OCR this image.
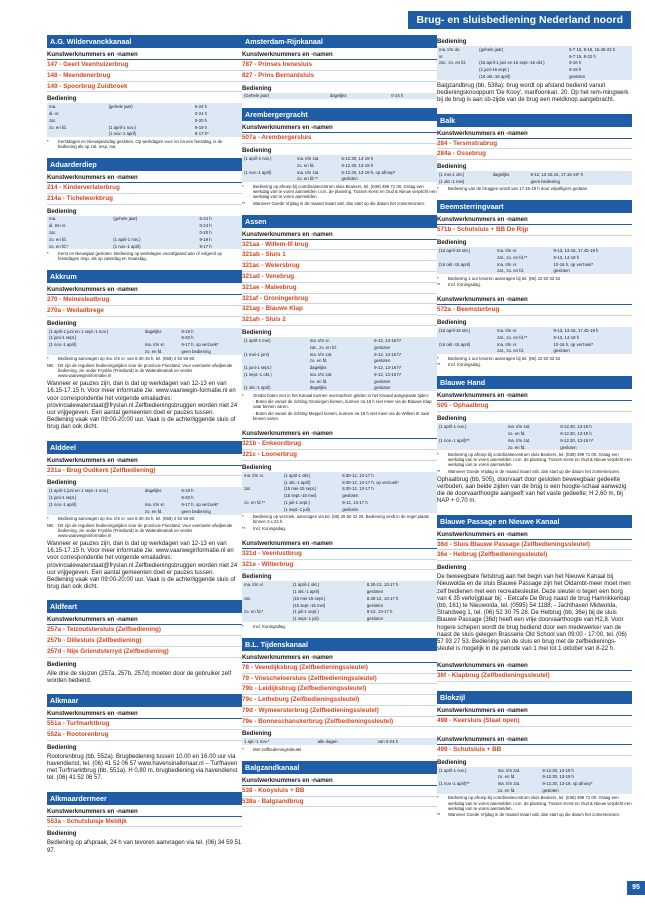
Brug- en sluisbediening Nederland noord
A.G. Wildervanckkanaal
Kunstwerknummers en -namen
147 - Geert Veenhuizerbrug
148 - Meendenerbrug
149 - Spoorbrug Zuidbroek
Bediening
ma.	(gehele jaar)	6-24 h
di.-vr.		0-24 h
zat.		0-20 h
zo. en fd.	(1 april-1 nov.)	9-19 h
	(1 nov.-1 april)	9-17 h*
*	Kerstdagen en Nieuwjaarsdag gesloten. Op werkdagen voor en na een feestdag, is de bediening als op zat. resp. ma.
Aduarderdiep
Kunstwerknummers en -namen
214 - Kinderverlaterbrug
214a - Tichelwerkbrug
Bediening
ma.	(gehele jaar)	6-24 h
di. t/m vr.		0-24 h
zat.		0-20 h
zo. en fd.	(1 april-1 nov.)	9-19 h
zo. en fd.*	(1 nov.-1 april)	9-17 h
*	Kerst en Nieuwjaar gesloten. Bediening op werkdagen voorafgaand aan of volgend op feestdagen resp. als op zaterdag en maandag.
Akkrum
Kunstwerknummers en -namen
270 - Meinesleatbrug
270a - Weiladbrege
Bediening
(1 april-1 juni en 1 sept.-1 nov.)	dagelijks	9-19 h
(1 juni-1 sept.)		9-20 h
(1 nov.-1 april)	ma. t/m vr.	9-17 h, op verzoek*
	zo. en fd.	geen bediening
*	Bediening aanvragen op ma. t/m vr. van 8.30-15 h, tel. (058) 2 92 56 80.
NB	Dit zijn de reguliere bedieningstijden voor de provincie Friesland. Voor eventuele afwijkende bediening, zie onder Fryslân (Friesland) in de Wateralmanak en verder www.vaarwegininformatie.nl
Wanneer er pauzes zijn, dan is dat op werkdagen van 12-13 en van 16.15-17.15 h. Voor meer informatie zie: www.vaarwegin-formatie.nl en voor correspondentie het volgende emailadres: provincialewaterstaat@fryslan.nl Zelfbedieningsbruggen worden niet 24 uur vrijgegeven. Een aantal gemeenten doet er pauzes tussen. Bediening vaak van 09:00-20:00 uur. Vaak is de achterliggende sluis of brug dan ook dicht.
Alddeel
Kunstwerknummers en -namen
231a - Brug Oudkerk (Zelfbediening)
Bediening
(1 april-1 juni en 1 sept.-1 nov.)	dagelijks	9-19 h
(1 juni-1 sept.)		9-20 h
(1 nov.-1 april)	ma. t/m vr.	9-17 h, op verzoek*
	zo. en fd.	geen bediening
*	Bediening aanvragen op ma. t/m vr. van 8.30-15 h, tel. (058) 2 92 56 80.
NB	Dit zijn de reguliere bedieningstijden voor de provincie Friesland. Voor eventuele afwijkende bediening, zie onder Fryslân (Friesland) in de Wateralmanak en verder www.vaarwegininformatie.nl
Wanneer er pauzes zijn, dan is dat op werkdagen van 12-13 en van 16.15-17.15 h. Voor meer informatie zie: www.vaarweginformatie.nl en voor correspondentie het volgende emailadres: provincialewaterstaat@fryslan.nl Zelfbedieningsbruggen worden niet 24 uur vrijgegeven. Een aantal gemeenten doet er pauzes tussen. Bediening vaak van 09:00-20:00 uur. Vaak is de achterliggende sluis of brug dan ook dicht.
Aldfeart
Kunstwerknummers en -namen
257a - Teizoutstersluis (Zelfbediening)
257b - Dillesluis (Zelfbediening)
257d - Nije Griendsterryd (Zelfbediening)
Bediening
Alle drie de sluizen (257a, 257b, 257d) moeten door de gebruiker zelf worden bediend.
Alkmaar
Kunstwerknummers en -namen
551a - Turfmarktbrug
552a - Rootorenbrug
Bediening
Rootorenbrug (bb, 552a). Brugbediening tussen 10.00 en 16.00 uur via havendienst, tel. (06) 41 52 06 57 www.havensinalkmaar.nl – Turfhaven met Turfmarktbrug (bb, 551a). H 0,80 m, brugbediening via havendienst tel. (06) 41 52 06 57.
Alkmaardermeer
Kunstwerknummers en -namen
553a - Schutsluisje Meldijk
Bediening
Bediening op afspraak, 24 h van tevoren aanvragen via tel. (06) 34 59 51 97.
Amsterdam-Rijnkanaal
Kunstwerknummers en -namen
787 - Prinses Irenesluis
827 - Prins Bernardsluis
Bediening
(Gehele jaar)	dagelijks	0-24 h
Arembergergracht
Kunstwerknummers en -namen
507a - Arembergersluis
Bediening
(1 april-1 nov.)	ma. t/m zat.	6-12.30, 13-19 h
	zo. en fd.	9-12.30, 13-19 h
(1 nov.-1 april)	ma. t/m zat.	6-12.30, 13-19 h, op afroep*
	zo. en fd.**	gesloten
*	Bediening op afroep bij coördinatiecentrum sluis Beukers, tel. (038) 499 71 00. Graag een werkdag van te voren aanmelden i.v.m. de planning. Tussen Kerst en Oud & Nieuw verplicht een werkdag van te voren aanmelden.
**	Wanneer Goede Vrijdag in de maand maart valt, dan start op die datum het zomerseizoen.
Assen
Kunstwerknummers en -namen
321aa - Willem-III brug
321ab - Sluis 1
321ac - Weiersbrug
321ad - Venebrug
321ae - Maleebrug
321af - Groningerbrug
321ag - Blauwe Klap
321ah - Sluis 2
Bediening
(1 april-1 mei)	ma. t/m vr.	9-12, 13-16 h*
	zat., zo. en fd.	gesloten
(1 mei-1 juni)	ma. t/m zat.	9-12, 13-16 h*
	zo. en fd.	gesloten
(1 juni-1 sept.)	dagelijks	9-12, 13-16 h*
(1 sept.-1 okt.)	ma. t/m zat.	9-12, 13-16 h*
	zo. en fd.	gesloten
(1 okt.-1 april)	dagelijks	gesloten
*	Omdat boten niet in het Kanaal kunnen overnachten gelden in het Kanaal aangepaste tijden:
- Boten die vanuit de richting Groningen komen, kunnen na 16 h niet meer via de Blauwe Klap naar binnen varen.
- Boten die vanuit de richting Meppel komen, kunnen na 15 h niet meer via de Willem III naar binnen varen.
Kunstwerknummers en -namen
321b - Enkeordbrug
321c - Loonerbrug
Bediening
ma. t/m vr.	(1 april-1 okt.)	8.30-12, 13-17 h
	(1 okt.-1 april)	8.30-12, 13-17 h, op verzoek*
zat.	(15 mei-15 sept.)	8.30-12, 13-17 h
	(15 sept.-15 mei)	gesloten
zo. en fd.**	(1 juli-1 sept.)	9-12, 13-17 h
	(1 sept.-1 juli)	gesloten
*	Bediening op verzoek, aanvragen via tel. (06) 25 50 32 26. Bediening vindt in de regel plaats binnen 3 x 24 h.
**	Incl. Koningsdag.
Kunstwerknummers en -namen
321d - Veenlustbrug
321e - Witterbrug
Bediening
ma. t/m vr.	(1 april-1 okt.)	8.30-12, 13-17 h
	(1 okt.-1 april)	gesloten
zat.	(15 mei-15 sept.)	8.30-12, 13-17 h
	(15 sept.-15 mei)	gesloten
zo. en fd.*	(1 juli-1 sept.)	9-12, 13-17 h
	(1 sept.-1 juli)	gesloten
*	Incl. Koningsdag.
B.L. Tijdenskanaal
Kunstwerknummers en -namen
78 - Veendijksbrug (Zelfbedieningssleutel)
79 - Vriescheloersluis (Zelfbedieningssleutel)
79b - Leidijksbrug (Zelfbedieningssleutel)
79c - Letheburg (Zelfbedieningssleutel)
79d - Wymeersterbrug (Zelfbedieningssleutel)
79e - Bonneschanskerbrug (Zelfbedieningssleutel)
Bediening
1 apr.-1 nov.*	alle dagen	van 0-24 h
*	Met zelfbedieningssleutel
Balgzandkanaal
Kunstwerknummers en -namen
538 - Kooysluis + BB
538a - Balgzandbrug
Bediening
ma. t/m do.	(gehele jaar)	6-7 15, 9-16, 16.45-22 h
vr.		6-7 15, 8-22 h
zat., zo. en fd.	(16 april-1 juni en 16 sept.-16 okt.)	9-16 h
	(1 juni-16 sept.)	9-19 h
	(16 okt.-16 april)	gesloten
Balgzandbrug (bb, 538a): brug wordt op afstand bediend vanuit bedieningsknooppunt 'De Kooy', marifoonkan. 20. Op het rem-mingwerk bij de brug is aan sb-zijde van de brug een meldknop aangebracht.
Balk
Kunstwerknummers en -namen
284 - Tersmstrabrug
284a - Ossebrug
Bediening
(1 mei-1 okt.)	dagelijks	9-12, 13-15.15, 17.15-19* h
(1 okt.-1 mei)		geen bediening
*	Bediening van de bruggen wordt van 17.15-19 h door vrijwilligers gedaan.
Beemsterringvaart
Kunstwerknummers en -namen
571b - Schutsluis + BB De Rijp
Bediening
(16 april-15 okt.)	ma. t/m vr.	9-13, 14-16, 17.45-19 h
	zat., zo. en fd.**	9-13, 14-19 h
(16 okt.-15 april)	ma. t/m vr.	10-16 h, op verzoek*
	zat., zo. en fd.	gesloten
*	Bediening 1 uur tevoren aanvragen bij tel. (06) 22 50 32 52
**	Incl. Koningsdag.
Kunstwerknummers en -namen
572a - Beemsterbrug
Bediening
(16 april-15 okt.)	ma. t/m vr.	9-13, 14-16, 17.45-19 h
	zat., zo. en fd.**	9-13, 14-19 h
(16 okt.-15 april)	ma. t/m vr.	10-16 h, op verzoek*
	zat., zo. en fd.	gesloten
*	Bediening 1 uur tevoren aanvragen bij tel. (06) 22 50 32 52
**	Incl. Koningsdag.
Blauwe Hand
Kunstwerknummers en -namen
505 - Ophaalbrug
Bediening
(1 april-1 nov.)	ma. t/m zat.	9-12.30, 13-19 h
	zo. en fd.	9-12.30, 13-19 h
(1 nov.-1 april)**	ma. t/m zat.	9-12.30, 13-19 h*
	zo. en fd.	gesloten
*	Bediening op afroep bij coördinatiecentrum sluis Beukers, tel. (038) 499 71 00. Graag een werkdag van te voren aanmelden i.v.m. de planning. Tussen Kerst en Oud & Nieuw verplicht een werkdag van te voren aanmelden.
**	Wanneer Goede Vrijdag in de maand maart valt, dan start op die datum het zomerseizoen.
Ophaalbrug (bb, 505), doorvaart door gesloten beweegbaar gedeelte verboden, aan beide zijden van de brug is een hoogte-schaal aanwezig die de doorvaarthoogte aangeeft van het vaste gedeelte; H 2,60 m, bij NAP + 0,70 m.
Blauwe Passage en Nieuwe Kanaal
Kunstwerknummers en -namen
36d - Sluis Blauwe Passage (Zelfbedieningssleutel)
36e - Helbrug (Zelfbedieningssleutel)
Bediening
De beweegbare fietsbrug aan het begin van het Nieuwe Kanaal bij Nieuwolda en de sluis Blauwe Passage zijn het Oldambt-meer moet men zelf bedienen met een recreatiesleutel. Deze sleutel is tegen een borg van € 35 verkrijgbaar bij: - Eetcafe De Brug naast de brug Hamrikkerklap (bb, 161) te Nieuwolda, tel. (0595) 54 1188, - Jachthaven Midwolda, Strandweg 1, tel. (06) 52 30 75 28. De Helbrug (bb, 36e) bij de sluis Blauwe Passage (36d) heeft een vrije doorvaarthoogte van H2,8. Voor hogere schepen wordt de brug bediend door een medewerker van de naast de sluis gelegen Brasserie Old School van 09:00 - 17:00, tel. (06) 57 93 27 53. Bediening van de sluis en brug met de zelfbedienings-sleutel is mogelijk in de periode van 1 mei tot 1 oktober van 8-22 h.
Kunstwerknummers en -namen
36f - Klapbrug (Zelfbedieningssleutel)
Blokzijl
Kunstwerknummers en -namen
498 - Keersluis (Staat open)
Kunstwerknummers en -namen
499 - Schutsluis + BB
Bediening
(1 april-1 nov.)	ma. t/m zat.	9-12.30, 13-19 h
	zo. en fd.	9-12.30, 13-19 h
(1 nov.-1 april)**	ma. t/m zat.	9-12.30, 13-19, op afroep*
	zo. en fd.	gesloten
*	Bediening op afroep bij coördinatiecentrum sluis Beukers, tel. (038) 499 71 00. Graag een werkdag van te voren aanmelden i.v.m. de planning. Tussen Kerst en Oud & Nieuw verplicht een werkdag van te voren aanmelden.
**	Wanneer Goede Vrijdag in de maand maart valt, dan start op die datum het zomerseizoen.
95
